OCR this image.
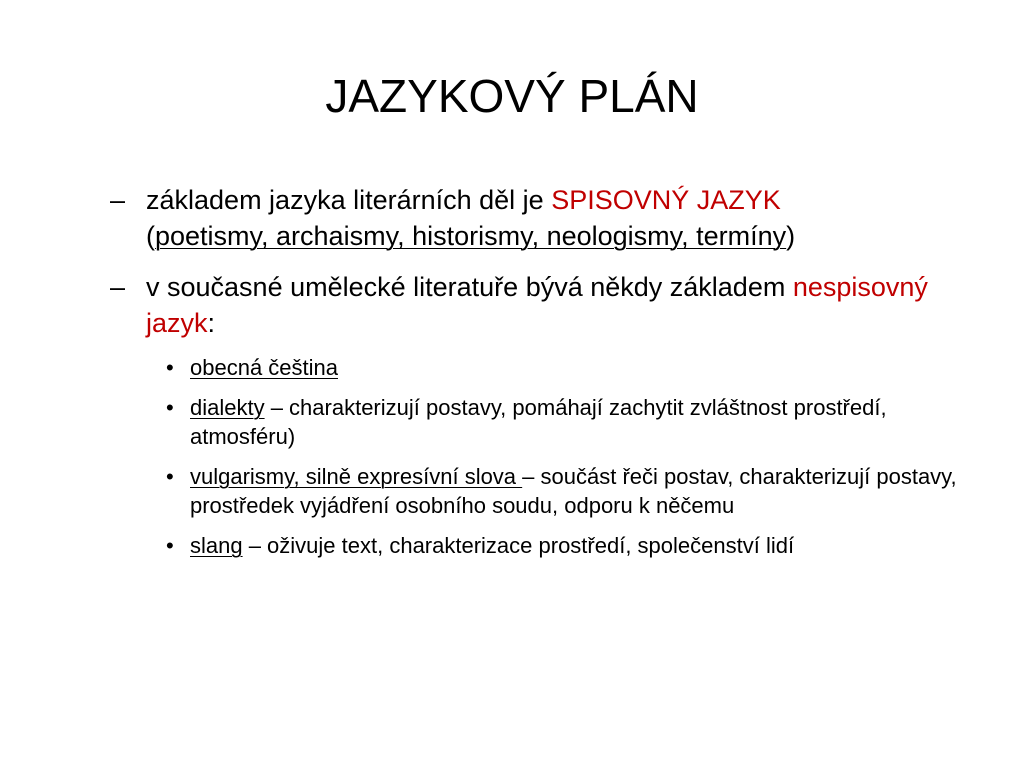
JAZYKOVÝ PLÁN
– základem jazyka literárních děl je SPISOVNÝ JAZYK
(poetismy, archaismy, historismy, neologismy, termíny)
– v současné umělecké literatuře bývá někdy základem nespisovný jazyk:
• obecná čeština
• dialekty – charakterizují postavy, pomáhají zachytit zvláštnost prostředí, atmosféru)
• vulgarismy, silně expresívní slova – součást řeči postav, charakterizují postavy, prostředek vyjádření osobního soudu, odporu k něčemu
• slang – oživuje text, charakterizace prostředí, společenství lidí
